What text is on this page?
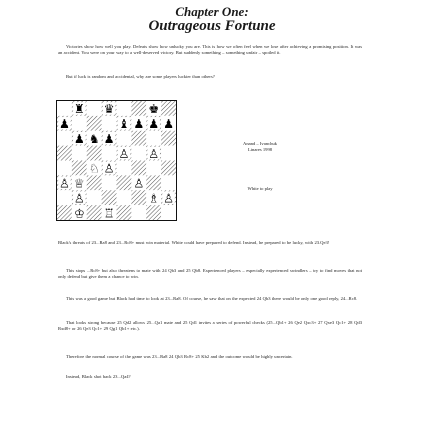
Chapter One:
Outrageous Fortune

Victories show how well you play. Defeats show how unlucky you are. This is how we often feel when we lose after achieving a promising position. It was an accident. You were on your way to a well-deserved victory. But suddenly something – something unfair – spoiled it.

But if luck is random and accidental, why are some players luckier than others?

Anand – Ivanchuk
Linares 1998
White to play

Black's threats of 23...Ra8 and 23...Rc8+ must win material. White could have prepared to defend. Instead, he prepared to be lucky, with 23.Qe3!

This stops ...Rc8+ but also threatens to mate with 24 Qb3 and 25 Qb8. Experienced players – especially experienced swindlers – try to find moves that not only defend but give them a chance to win.

This was a good game but Black had time to look at 23...Ra8. Of course, he saw that on the expected 24 Qb3 there would be only one good reply, 24...Rc8.

That looks strong because 25 Qd2 allows 25...Qa1 mate and 25 Qd1 invites a series of powerful checks (25...Qb1+ 26 Qe2 Qxc3+ 27 Qxe3 Qc1+ 28 Qd3 Rxd8+ or 26 Qe3 Qc1+ 29 Qg1 Qb1+ etc.).

Therefore the normal course of the game was 23...Ra8 24 Qb3 Rc8+ 25 Kb2 and the outcome would be highly uncertain.

Instead, Black shot back 23...Qa4?
